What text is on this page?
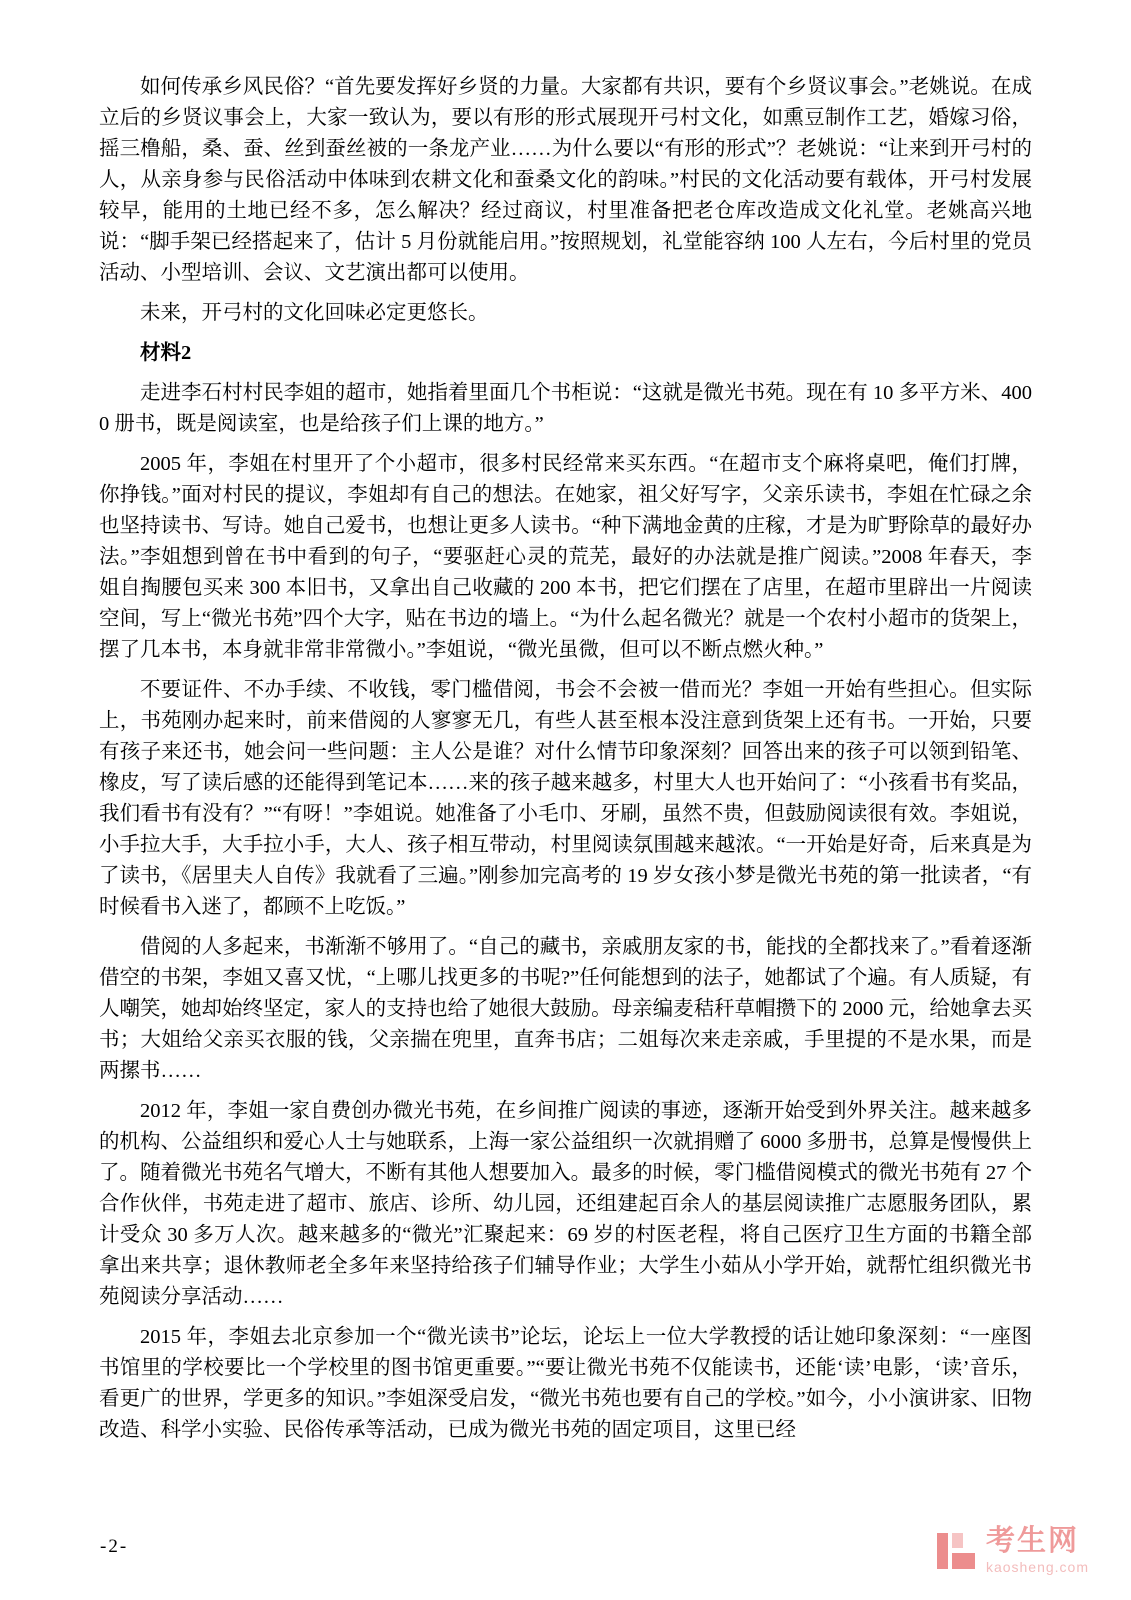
如何传承乡风民俗？“首先要发挥好乡贤的力量。大家都有共识，要有个乡贤议事会。”老姚说。在成立后的乡贤议事会上，大家一致认为，要以有形的形式展现开弓村文化，如熏豆制作工艺，婚嫁习俗，摇三橹船，桑、蚕、丝到蚕丝被的一条龙产业……为什么要以“有形的形式”？老姚说：“让来到开弓村的人，从亲身参与民俗活动中体味到农耕文化和蚕桑文化的韵味。”村民的文化活动要有载体，开弓村发展较早，能用的土地已经不多，怎么解决？经过商议，村里准备把老仓库改造成文化礼堂。老姚高兴地说：“脚手架已经搭起来了，估计 5 月份就能启用。”按照规划，礼堂能容纳 100 人左右，今后村里的党员活动、小型培训、会议、文艺演出都可以使用。

未来，开弓村的文化回味必定更悠长。

材料2

走进李石村村民李姐的超市，她指着里面几个书柜说：“这就是微光书苑。现在有 10 多平方米、4000 册书，既是阅读室，也是给孩子们上课的地方。”

2005 年，李姐在村里开了个小超市，很多村民经常来买东西。“在超市支个麻将桌吧，俺们打牌，你挣钱。”面对村民的提议，李姐却有自己的想法。在她家，祖父好写字，父亲乐读书，李姐在忙碌之余也坚持读书、写诗。她自己爱书，也想让更多人读书。“种下满地金黄的庄稼，才是为旷野除草的最好办法。”李姐想到曾在书中看到的句子，“要驱赶心灵的荒芜，最好的办法就是推广阅读。”2008 年春天，李姐自掏腰包买来 300 本旧书，又拿出自己收藏的 200 本书，把它们摆在了店里，在超市里辟出一片阅读空间，写上“微光书苑”四个大字，贴在书边的墙上。“为什么起名微光？就是一个农村小超市的货架上，摆了几本书，本身就非常非常微小。”李姐说，“微光虽微，但可以不断点燃火种。”

不要证件、不办手续、不收钱，零门槛借阅，书会不会被一借而光？李姐一开始有些担心。但实际上，书苑刚办起来时，前来借阅的人寥寥无几，有些人甚至根本没注意到货架上还有书。一开始，只要有孩子来还书，她会问一些问题：主人公是谁？对什么情节印象深刻？回答出来的孩子可以领到铅笔、橡皮，写了读后感的还能得到笔记本……来的孩子越来越多，村里大人也开始问了：“小孩看书有奖品，我们看书有没有？”“有呀！”李姐说。她准备了小毛巾、牙刷，虽然不贵，但鼓励阅读很有效。李姐说，小手拉大手，大手拉小手，大人、孩子相互带动，村里阅读氛围越来越浓。“一开始是好奇，后来真是为了读书，《居里夫人自传》我就看了三遍。”刚参加完高考的 19 岁女孩小梦是微光书苑的第一批读者，“有时候看书入迷了，都顾不上吃饭。”

借阅的人多起来，书渐渐不够用了。“自己的藏书，亲戚朋友家的书，能找的全都找来了。”看着逐渐借空的书架，李姐又喜又忧，“上哪儿找更多的书呢?”任何能想到的法子，她都试了个遍。有人质疑，有人嘲笑，她却始终坚定，家人的支持也给了她很大鼓励。母亲编麦秸秆草帽攒下的 2000 元，给她拿去买书；大姐给父亲买衣服的钱，父亲揣在兜里，直奔书店；二姐每次来走亲戚，手里提的不是水果，而是两摞书……

2012 年，李姐一家自费创办微光书苑，在乡间推广阅读的事迹，逐渐开始受到外界关注。越来越多的机构、公益组织和爱心人士与她联系，上海一家公益组织一次就捐赠了 6000 多册书，总算是慢慢供上了。随着微光书苑名气增大，不断有其他人想要加入。最多的时候，零门槛借阅模式的微光书苑有 27 个合作伙伴，书苑走进了超市、旅店、诊所、幼儿园，还组建起百余人的基层阅读推广志愿服务团队，累计受众 30 多万人次。越来越多的“微光”汇聚起来：69 岁的村医老程，将自己医疗卫生方面的书籍全部拿出来共享；退休教师老全多年来坚持给孩子们辅导作业；大学生小茹从小学开始，就帮忙组织微光书苑阅读分享活动……

2015 年，李姐去北京参加一个“微光读书”论坛，论坛上一位大学教授的话让她印象深刻：“一座图书馆里的学校要比一个学校里的图书馆更重要。”“要让微光书苑不仅能读书，还能‘读’电影，‘读’音乐，看更广的世界，学更多的知识。”李姐深受启发，“微光书苑也要有自己的学校。”如今，小小演讲家、旧物改造、科学小实验、民俗传承等活动，已成为微光书苑的固定项目，这里已经

-2-	考生网
kaosheng.com
